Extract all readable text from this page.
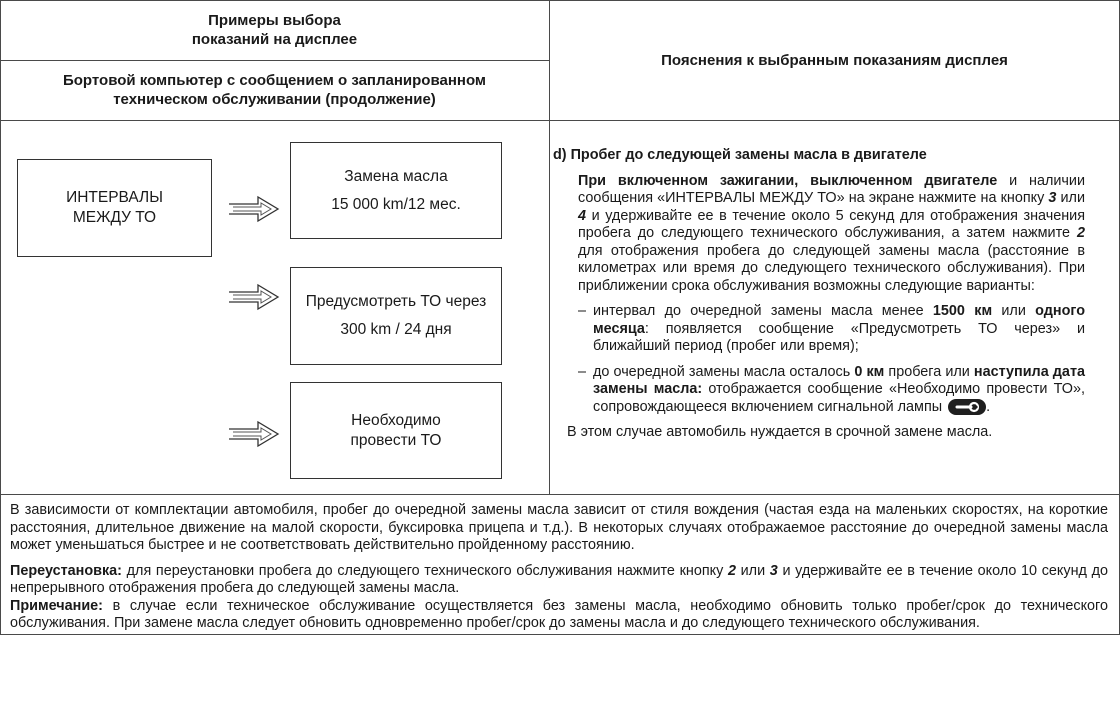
Примеры выбора
показаний на дисплее
Бортовой компьютер с сообщением о запланированном
техническом обслуживании (продолжение)
Пояснения к выбранным показаниям дисплея
ИНТЕРВАЛЫ
МЕЖДУ ТО
Замена масла
15 000 km/12 мес.
Предусмотреть ТО через
300 km / 24 дня
Необходимо
провести ТО

d) Пробег до следующей замены масла в двигателе

При включенном зажигании, выключенном двигателе и наличии сообщения «ИНТЕРВАЛЫ МЕЖДУ ТО» на экране нажмите на кнопку 3 или 4 и удерживайте ее в течение около 5 секунд для отображения значения пробега до следующего технического обслуживания, а затем нажмите 2 для отображения пробега до следующей замены масла (расстояние в километрах или время до следующего технического обслуживания). При приближении срока обслуживания возможны следующие варианты:

– интервал до очередной замены масла менее 1500 км или одного месяца: появляется сообщение «Предусмотреть ТО через» и ближайший период (пробег или время);

– до очередной замены масла осталось 0 км пробега или наступила дата замены масла: отображается сообщение «Необходимо провести ТО», сопровождающееся включением сигнальной лампы	.

В этом случае автомобиль нуждается в срочной замене масла.

В зависимости от комплектации автомобиля, пробег до очередной замены масла зависит от стиля вождения (частая езда на маленьких скоростях, на короткие расстояния, длительное движение на малой скорости, буксировка прицепа и т.д.). В некоторых случаях отображаемое расстояние до очередной замены масла может уменьшаться быстрее и не соответствовать действительно пройденному расстоянию.

Переустановка: для переустановки пробега до следующего технического обслуживания нажмите кнопку 2 или 3 и удерживайте ее в течение около 10 секунд до непрерывного отображения пробега до следующей замены масла.

Примечание: в случае если техническое обслуживание осуществляется без замены масла, необходимо обновить только пробег/срок до технического обслуживания. При замене масла следует обновить одновременно пробег/срок до замены масла и до следующего технического обслуживания.
